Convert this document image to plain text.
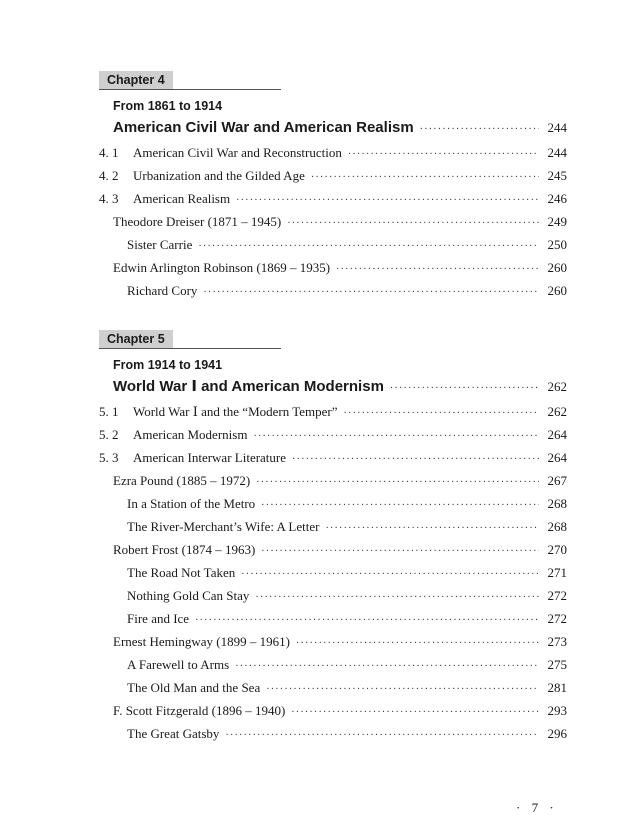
Chapter 4
From 1861 to 1914
American Civil War and American Realism ·····	244
4. 1	American Civil War and Reconstruction ·····	244
4. 2	Urbanization and the Gilded Age ·····	245
4. 3	American Realism ·····	246
Theodore Dreiser (1871 – 1945) ·····	249
Sister Carrie ·····	250
Edwin Arlington Robinson (1869 – 1935) ·····	260
Richard Cory ·····	260
Chapter 5
From 1914 to 1941
World War Ⅰ and American Modernism ·····	262
5. 1	World War Ⅰ and the “Modern Temper” ·····	262
5. 2	American Modernism ·····	264
5. 3	American Interwar Literature ·····	264
Ezra Pound (1885 – 1972) ·····	267
In a Station of the Metro ·····	268
The River-Merchant’s Wife: A Letter ·····	268
Robert Frost (1874 – 1963) ·····	270
The Road Not Taken ·····	271
Nothing Gold Can Stay ·····	272
Fire and Ice ·····	272
Ernest Hemingway (1899 – 1961) ·····	273
A Farewell to Arms ·····	275
The Old Man and the Sea ·····	281
F. Scott Fitzgerald (1896 – 1940) ·····	293
The Great Gatsby ·····	296
· 7 ·
